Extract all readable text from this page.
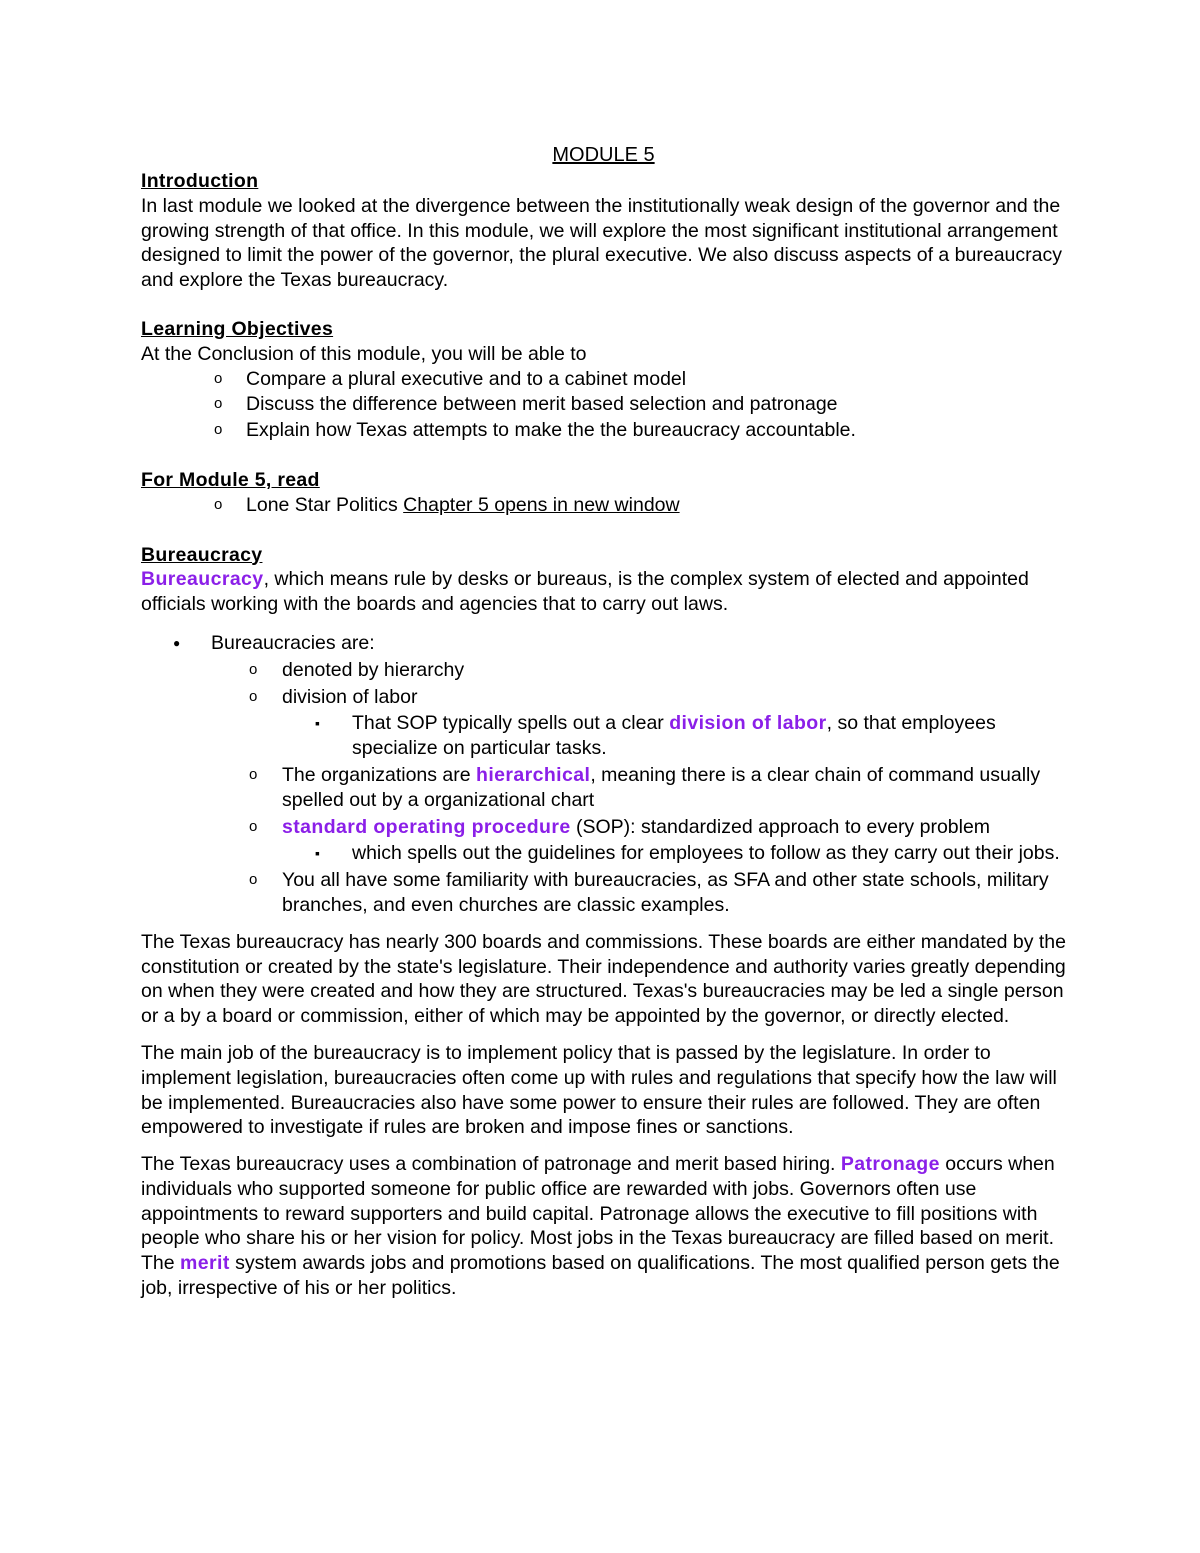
MODULE 5

Introduction

In last module we looked at the divergence between the institutionally weak design of the governor and the growing strength of that office. In this module, we will explore the most significant institutional arrangement designed to limit the power of the governor, the plural executive. We also discuss aspects of a bureaucracy and explore the Texas bureaucracy.

Learning Objectives

At the Conclusion of this module, you will be able to

o Compare a plural executive and to a cabinet model
o Discuss the difference between merit based selection and patronage
o Explain how Texas attempts to make the the bureaucracy accountable.

For Module 5, read

o Lone Star Politics Chapter 5 opens in new window

Bureaucracy

Bureaucracy, which means rule by desks or bureaus, is the complex system of elected and appointed officials working with the boards and agencies that to carry out laws.

● Bureaucracies are:
o denoted by hierarchy
o division of labor
▪ That SOP typically spells out a clear division of labor, so that employees specialize on particular tasks.
o The organizations are hierarchical, meaning there is a clear chain of command usually spelled out by a organizational chart
o standard operating procedure (SOP): standardized approach to every problem
▪ which spells out the guidelines for employees to follow as they carry out their jobs.
o You all have some familiarity with bureaucracies, as SFA and other state schools, military branches, and even churches are classic examples.

The Texas bureaucracy has nearly 300 boards and commissions. These boards are either mandated by the constitution or created by the state's legislature. Their independence and authority varies greatly depending on when they were created and how they are structured. Texas's bureaucracies may be led a single person or a by a board or commission, either of which may be appointed by the governor, or directly elected.

The main job of the bureaucracy is to implement policy that is passed by the legislature. In order to implement legislation, bureaucracies often come up with rules and regulations that specify how the law will be implemented. Bureaucracies also have some power to ensure their rules are followed. They are often empowered to investigate if rules are broken and impose fines or sanctions.

The Texas bureaucracy uses a combination of patronage and merit based hiring. Patronage occurs when individuals who supported someone for public office are rewarded with jobs. Governors often use appointments to reward supporters and build capital. Patronage allows the executive to fill positions with people who share his or her vision for policy. Most jobs in the Texas bureaucracy are filled based on merit. The merit system awards jobs and promotions based on qualifications. The most qualified person gets the job, irrespective of his or her politics.
